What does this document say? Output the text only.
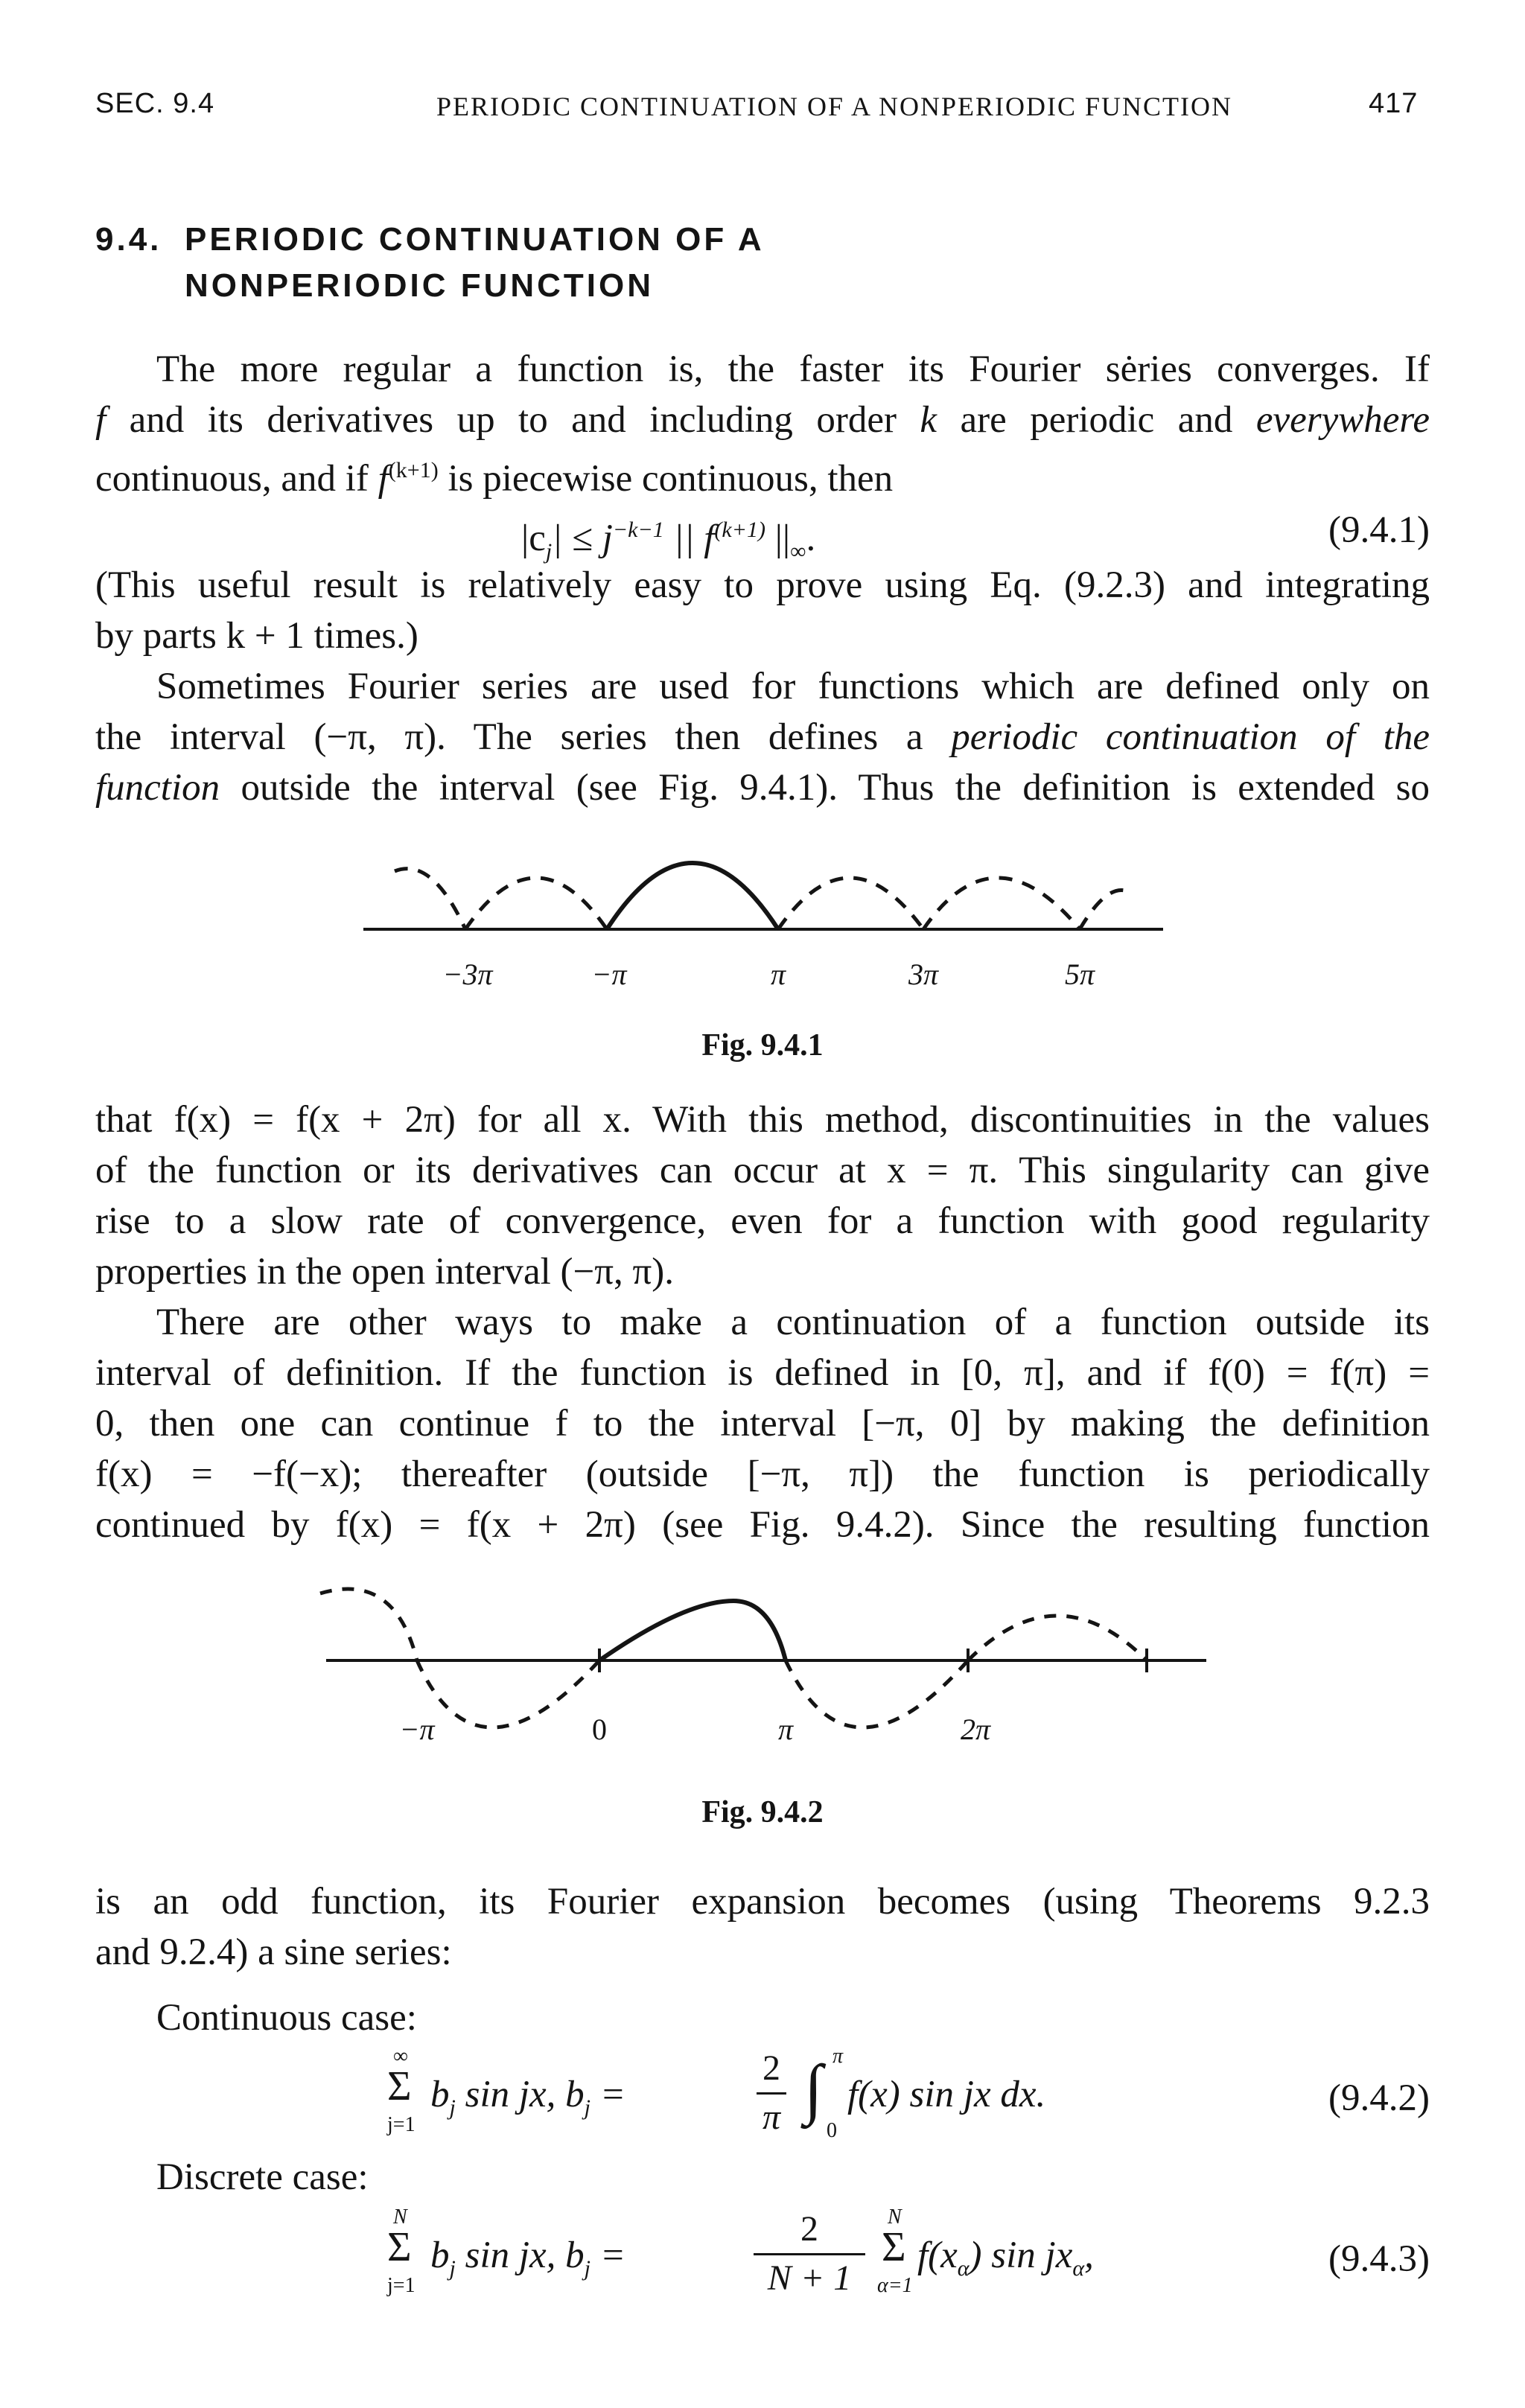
SEC. 9.4	PERIODIC CONTINUATION OF A NONPERIODIC FUNCTION	417
9.4. PERIODIC CONTINUATION OF A
NONPERIODIC FUNCTION
The more regular a function is, the faster its Fourier sėries converges. If
f and its derivatives up to and including order k are periodic and everywhere
continuous, and if $f^{(k+1)}$ is piecewise continuous, then
$|c_j| \le j^{-k-1}$ || $f^{(k+1)}$ $||_\infty$.	(9.4.1)
(This useful result is relatively easy to prove using Eq. (9.2.3) and integrating
by parts k + 1 times.)
Sometimes Fourier series are used for functions which are defined only on
the interval (−π, π). The series then defines a periodic continuation of the
function outside the interval (see Fig. 9.4.1). Thus the definition is extended so
−3π	−π	π	3π	5π
Fig. 9.4.1
that f(x) = f(x + 2π) for all x. With this method, discontinuities in the values
of the function or its derivatives can occur at x = π. This singularity can give
rise to a slow rate of convergence, even for a function with good regularity
properties in the open interval (−π, π).
There are other ways to make a continuation of a function outside its
interval of definition. If the function is defined in [0, π], and if f(0) = f(π) =
0, then one can continue f to the interval [−π, 0] by making the definition
f(x) = −f(−x); thereafter (outside [−π, π]) the function is periodically
continued by f(x) = f(x + 2π) (see Fig. 9.4.2). Since the resulting function
−π	0	π	2π
Fig. 9.4.2
is an odd function, its Fourier expansion becomes (using Theorems 9.2.3
and 9.2.4) a sine series:
Continuous case:
∞
Σ
j=1
$b_j$ sin jx, $b_j$ =
2
π ∫ π
0
f(x) sin jx dx.	(9.4.2)
Discrete case:
N
Σ
j=1
$b_j$ sin jx, $b_j$ =
2
N + 1
N
Σ
α=1
$f(x_\alpha)$ $\sin jx_\alpha$,	(9.4.3)
